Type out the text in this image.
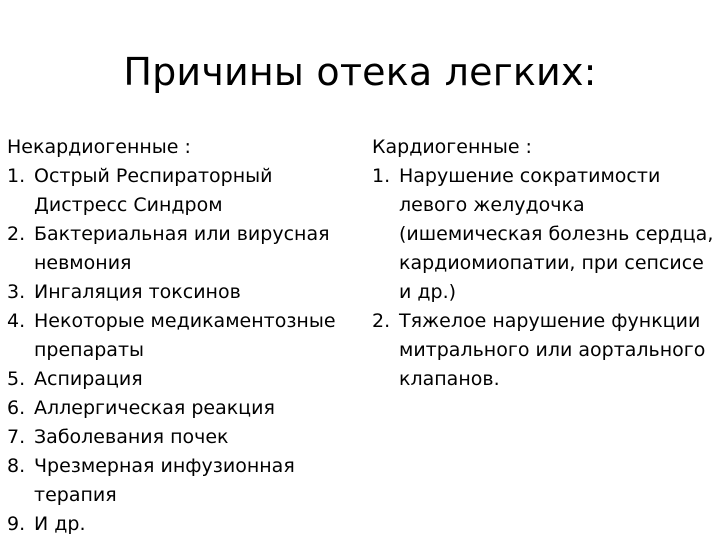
Причины отека легких:
Некардиогенные :
1. Острый Респираторный Дистресс Синдром
2. Бактериальная или вирусная невмония
3. Ингаляция токсинов
4. Некоторые медикаментозные препараты
5. Аспирация
6. Аллергическая реакция
7. Заболевания почек
8. Чрезмерная инфузионная терапия
9. И др.
Кардиогенные :
1. Нарушение сократимости левого желудочка (ишемическая болезнь сердца, кардиомиопатии, при сепсисе и др.)
2. Тяжелое нарушение функции митрального или аортального клапанов.
